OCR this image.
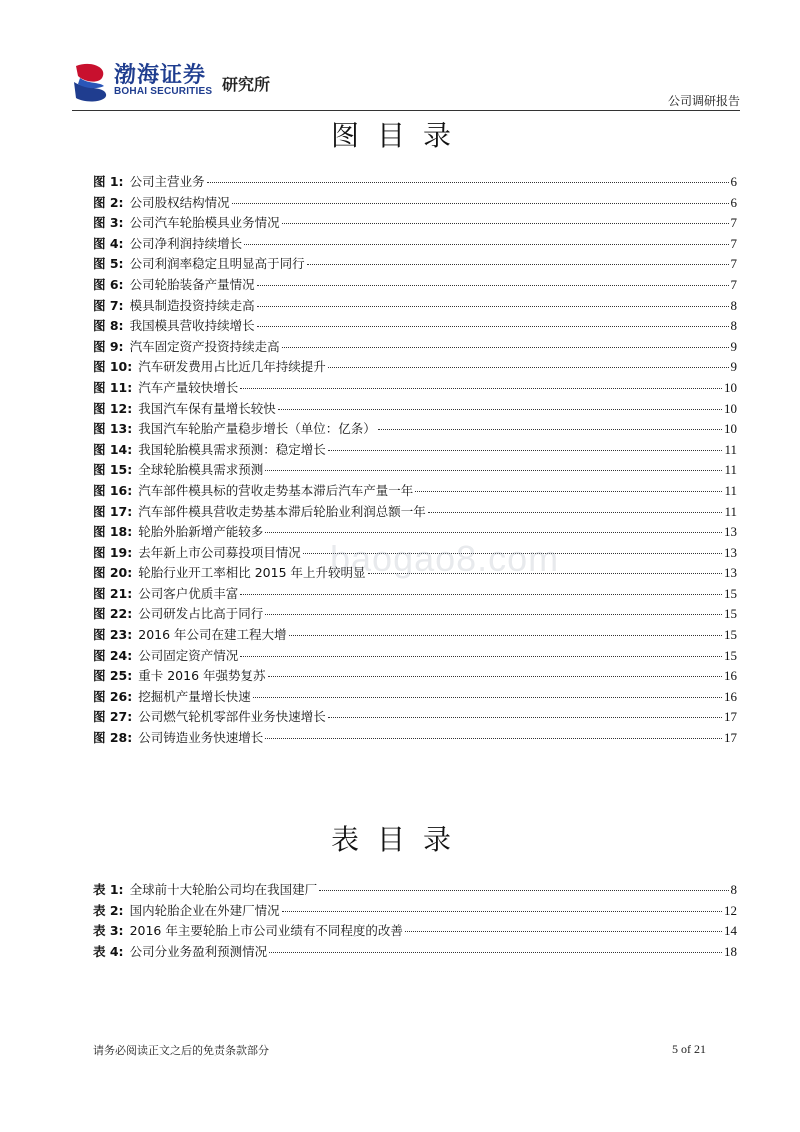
渤海证券
BOHAI SECURITIES 研究所
公司调研报告
图目录
图 1: 公司主营业务	6
图 2: 公司股权结构情况	6
图 3: 公司汽车轮胎模具业务情况	7
图 4: 公司净利润持续增长	7
图 5: 公司利润率稳定且明显高于同行	7
图 6: 公司轮胎装备产量情况	7
图 7: 模具制造投资持续走高	8
图 8: 我国模具营收持续增长	8
图 9: 汽车固定资产投资持续走高	9
图 10: 汽车研发费用占比近几年持续提升	9
图 11: 汽车产量较快增长	10
图 12: 我国汽车保有量增长较快	10
图 13: 我国汽车轮胎产量稳步增长（单位：亿条）	10
图 14: 我国轮胎模具需求预测：稳定增长	11
图 15: 全球轮胎模具需求预测	11
图 16: 汽车部件模具标的营收走势基本滞后汽车产量一年	11
图 17: 汽车部件模具营收走势基本滞后轮胎业利润总额一年	11
图 18: 轮胎外胎新增产能较多	13
图 19: 去年新上市公司募投项目情况	13
图 20: 轮胎行业开工率相比 2015 年上升较明显	13
图 21: 公司客户优质丰富	15
图 22: 公司研发占比高于同行	15
图 23: 2016 年公司在建工程大增	15
图 24: 公司固定资产情况	15
图 25: 重卡 2016 年强势复苏	16
图 26: 挖掘机产量增长快速	16
图 27: 公司燃气轮机零部件业务快速增长	17
图 28: 公司铸造业务快速增长	17
baogao8.com
表目录
表 1: 全球前十大轮胎公司均在我国建厂	8
表 2: 国内轮胎企业在外建厂情况	12
表 3: 2016 年主要轮胎上市公司业绩有不同程度的改善	14
表 4: 公司分业务盈利预测情况	18
请务必阅读正文之后的免责条款部分	5 of 21
